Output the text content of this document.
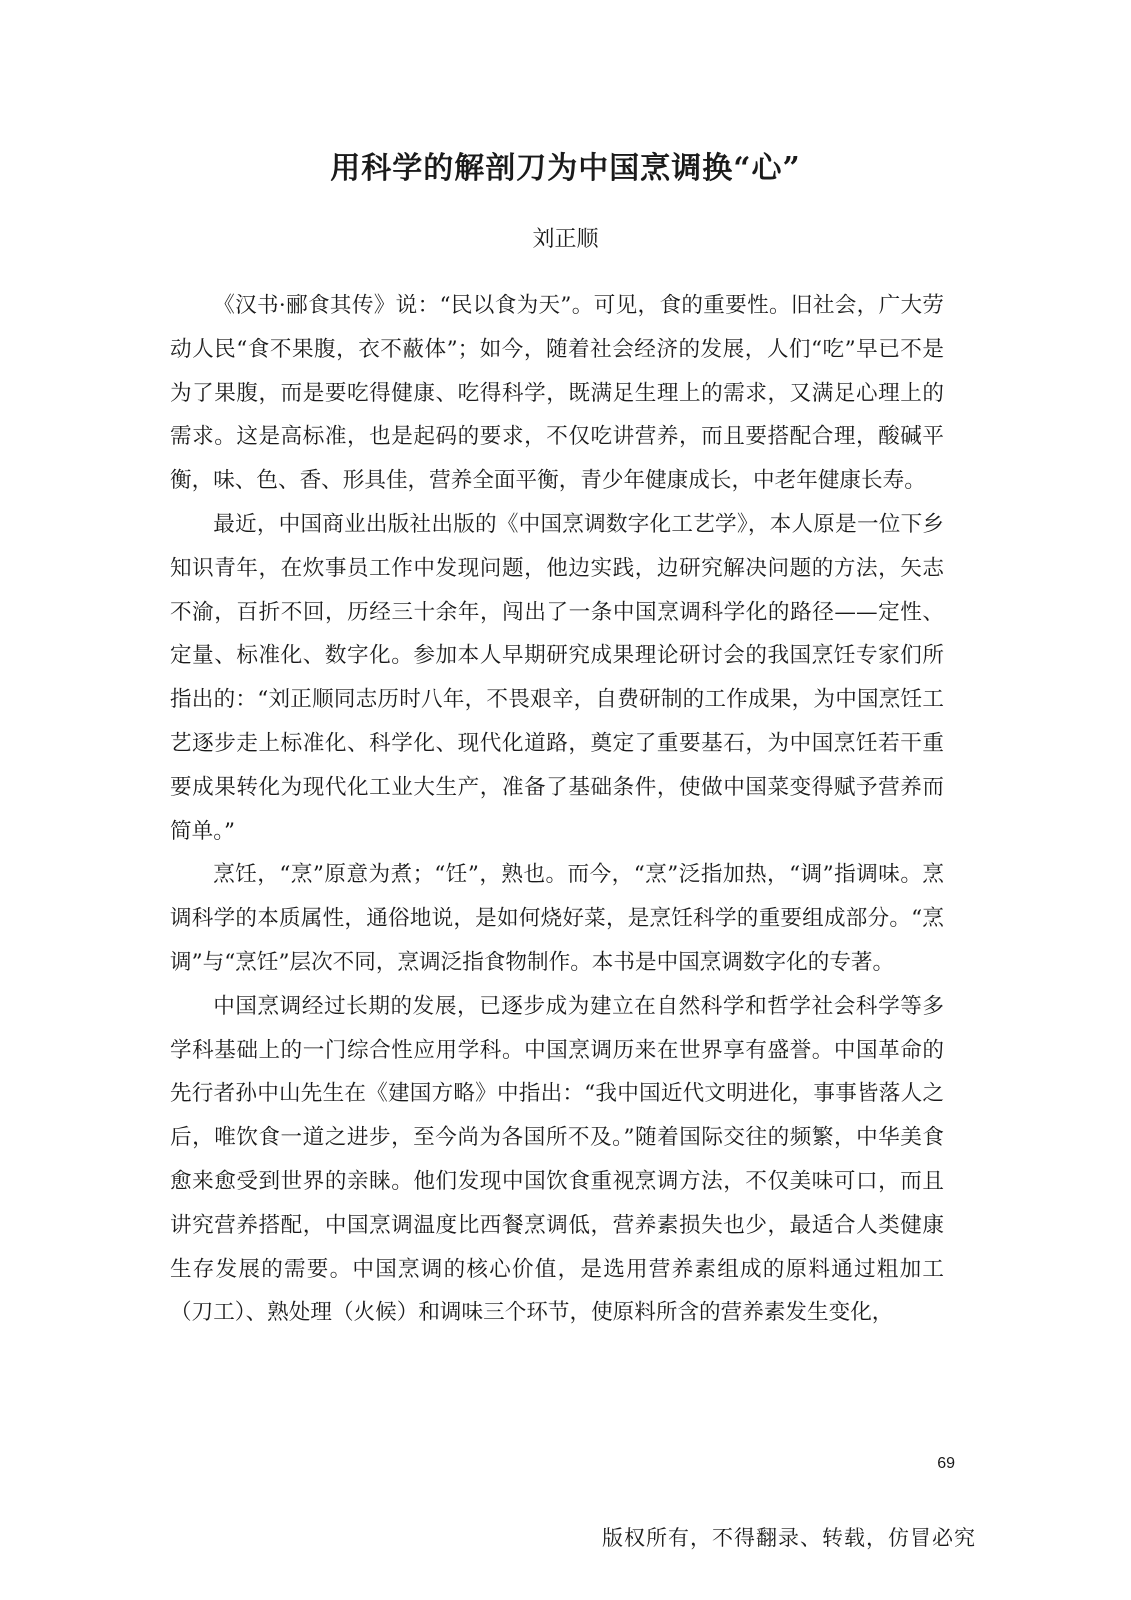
用科学的解剖刀为中国烹调换“心”
刘正顺

《汉书·郦食其传》说：“民以食为天”。可见，食的重要性。旧社会，广大劳动人民“食不果腹，衣不蔽体”；如今，随着社会经济的发展，人们“吃”早已不是为了果腹，而是要吃得健康、吃得科学，既满足生理上的需求，又满足心理上的需求。这是高标准，也是起码的要求，不仅吃讲营养，而且要搭配合理，酸碱平衡，味、色、香、形具佳，营养全面平衡，青少年健康成长，中老年健康长寿。

最近，中国商业出版社出版的《中国烹调数字化工艺学》，本人原是一位下乡知识青年，在炊事员工作中发现问题，他边实践，边研究解决问题的方法，矢志不渝，百折不回，历经三十余年，闯出了一条中国烹调科学化的路径——定性、定量、标准化、数字化。参加本人早期研究成果理论研讨会的我国烹饪专家们所指出的：“刘正顺同志历时八年，不畏艰辛，自费研制的工作成果，为中国烹饪工艺逐步走上标准化、科学化、现代化道路，奠定了重要基石，为中国烹饪若干重要成果转化为现代化工业大生产，准备了基础条件，使做中国菜变得赋予营养而简单。”

烹饪，“烹”原意为煮；“饪”，熟也。而今，“烹”泛指加热，“调”指调味。烹调科学的本质属性，通俗地说，是如何烧好菜，是烹饪科学的重要组成部分。“烹调”与“烹饪”层次不同，烹调泛指食物制作。本书是中国烹调数字化的专著。

中国烹调经过长期的发展，已逐步成为建立在自然科学和哲学社会科学等多学科基础上的一门综合性应用学科。中国烹调历来在世界享有盛誉。中国革命的先行者孙中山先生在《建国方略》中指出：“我中国近代文明进化，事事皆落人之后，唯饮食一道之进步，至今尚为各国所不及。”随着国际交往的频繁，中华美食愈来愈受到世界的亲睐。他们发现中国饮食重视烹调方法，不仅美味可口，而且讲究营养搭配，中国烹调温度比西餐烹调低，营养素损失也少，最适合人类健康生存发展的需要。中国烹调的核心价值，是选用营养素组成的原料通过粗加工（刀工）、熟处理（火候）和调味三个环节，使原料所含的营养素发生变化，

69
版权所有，不得翻录、转载，仿冒必究
